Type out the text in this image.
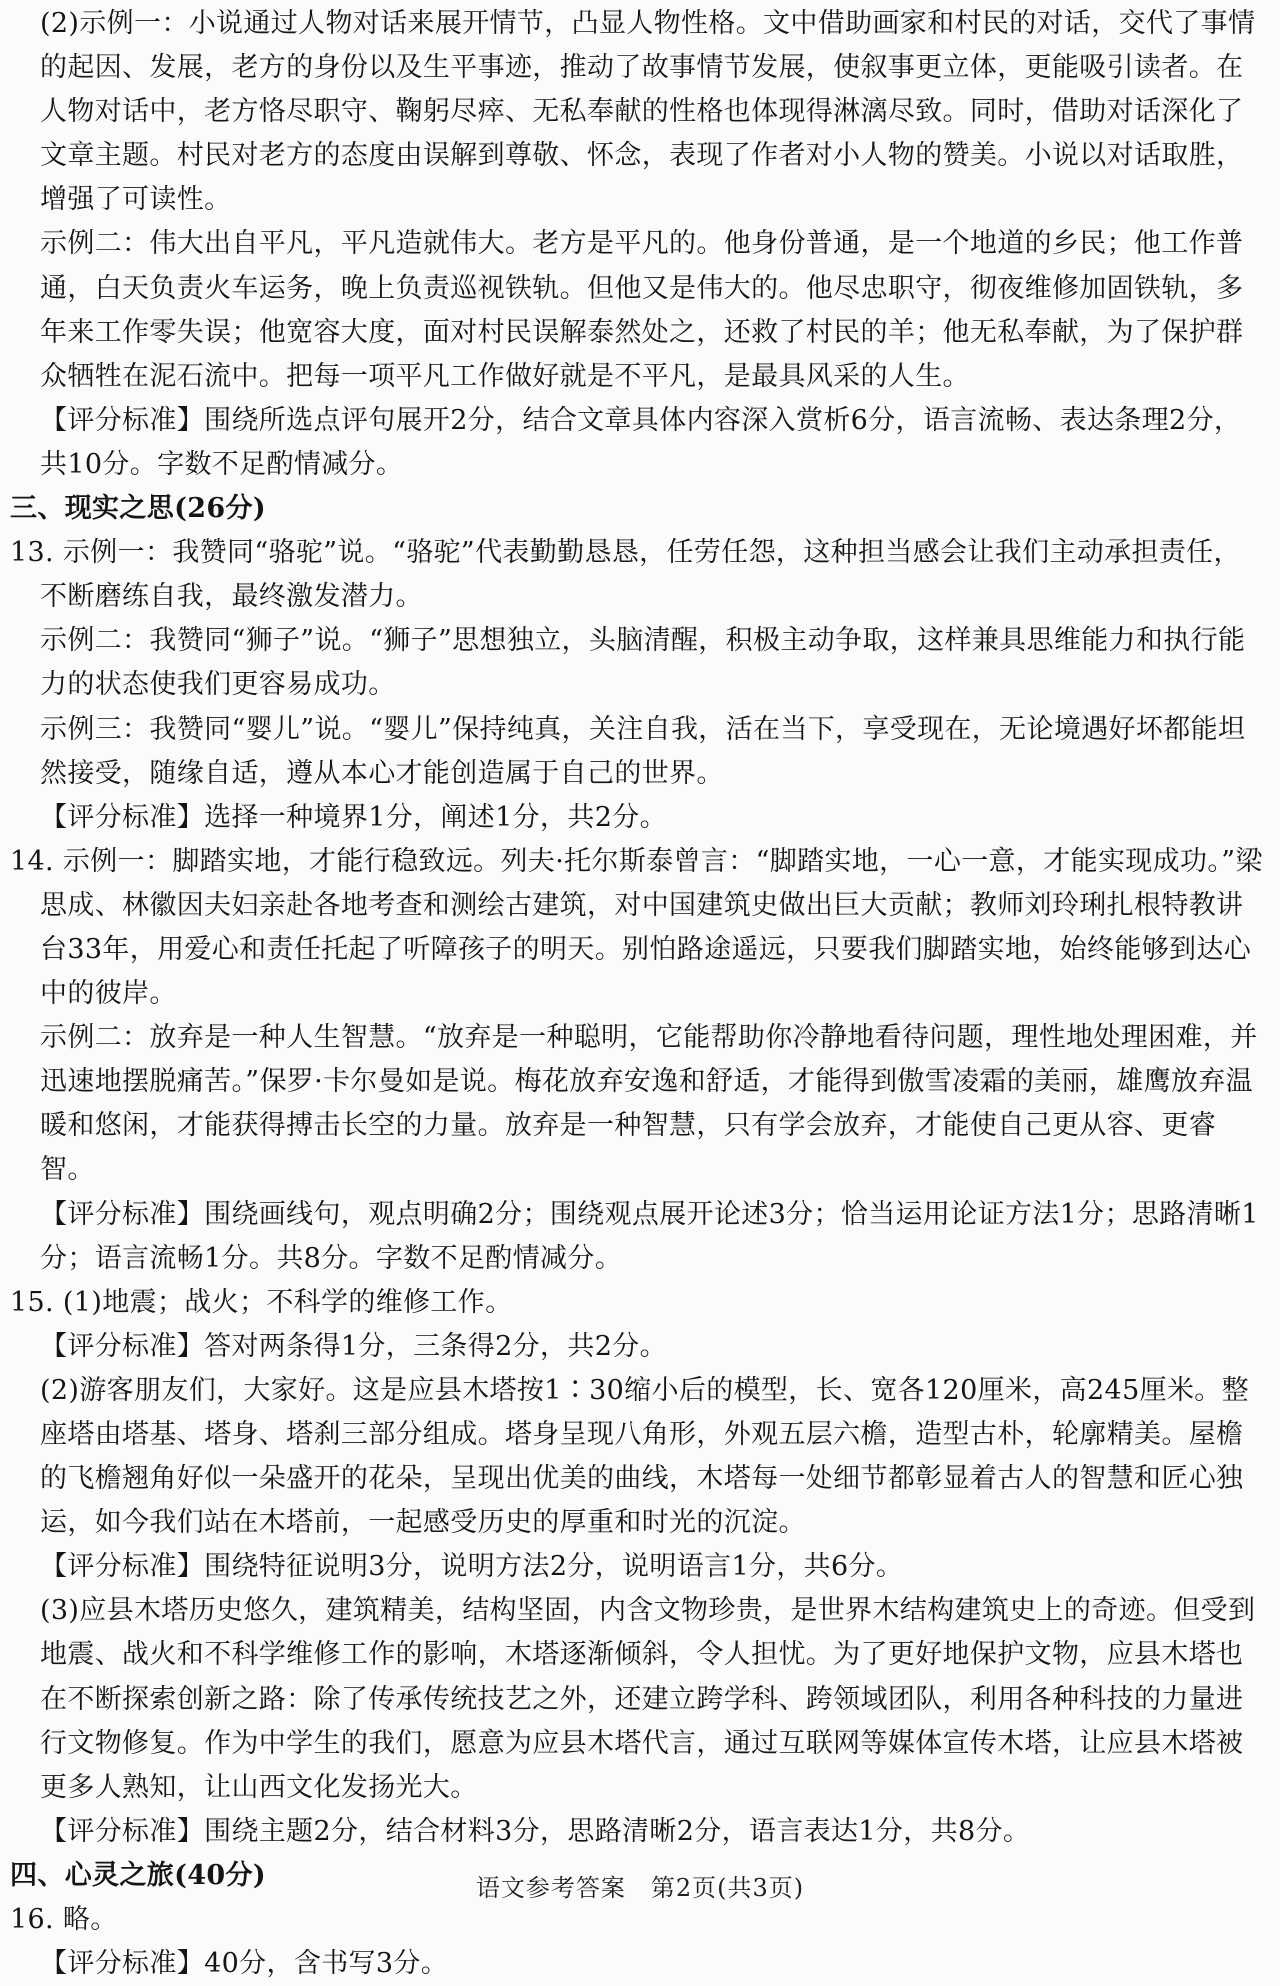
(2)示例一：小说通过人物对话来展开情节，凸显人物性格。文中借助画家和村民的对话，交代了事情的起因、发展，老方的身份以及生平事迹，推动了故事情节发展，使叙事更立体，更能吸引读者。在人物对话中，老方恪尽职守、鞠躬尽瘁、无私奉献的性格也体现得淋漓尽致。同时，借助对话深化了文章主题。村民对老方的态度由误解到尊敬、怀念，表现了作者对小人物的赞美。小说以对话取胜，增强了可读性。

示例二：伟大出自平凡，平凡造就伟大。老方是平凡的。他身份普通，是一个地道的乡民；他工作普通，白天负责火车运务，晚上负责巡视铁轨。但他又是伟大的。他尽忠职守，彻夜维修加固铁轨，多年来工作零失误；他宽容大度，面对村民误解泰然处之，还救了村民的羊；他无私奉献，为了保护群众牺牲在泥石流中。把每一项平凡工作做好就是不平凡，是最具风采的人生。

【评分标准】围绕所选点评句展开2分，结合文章具体内容深入赏析6分，语言流畅、表达条理2分，共10分。字数不足酌情减分。

三、现实之思(26分)

13. 示例一：我赞同“骆驼”说。“骆驼”代表勤勤恳恳，任劳任怨，这种担当感会让我们主动承担责任，不断磨练自我，最终激发潜力。

示例二：我赞同“狮子”说。“狮子”思想独立，头脑清醒，积极主动争取，这样兼具思维能力和执行能力的状态使我们更容易成功。

示例三：我赞同“婴儿”说。“婴儿”保持纯真，关注自我，活在当下，享受现在，无论境遇好坏都能坦然接受，随缘自适，遵从本心才能创造属于自己的世界。

【评分标准】选择一种境界1分，阐述1分，共2分。

14. 示例一：脚踏实地，才能行稳致远。列夫·托尔斯泰曾言：“脚踏实地，一心一意，才能实现成功。”梁思成、林徽因夫妇亲赴各地考查和测绘古建筑，对中国建筑史做出巨大贡献；教师刘玲琍扎根特教讲台33年，用爱心和责任托起了听障孩子的明天。别怕路途遥远，只要我们脚踏实地，始终能够到达心中的彼岸。

示例二：放弃是一种人生智慧。“放弃是一种聪明，它能帮助你冷静地看待问题，理性地处理困难，并迅速地摆脱痛苦。”保罗·卡尔曼如是说。梅花放弃安逸和舒适，才能得到傲雪凌霜的美丽，雄鹰放弃温暖和悠闲，才能获得搏击长空的力量。放弃是一种智慧，只有学会放弃，才能使自己更从容、更睿智。

【评分标准】围绕画线句，观点明确2分；围绕观点展开论述3分；恰当运用论证方法1分；思路清晰1分；语言流畅1分。共8分。字数不足酌情减分。

15. (1)地震；战火；不科学的维修工作。

【评分标准】答对两条得1分，三条得2分，共2分。

(2)游客朋友们，大家好。这是应县木塔按1∶30缩小后的模型，长、宽各120厘米，高245厘米。整座塔由塔基、塔身、塔刹三部分组成。塔身呈现八角形，外观五层六檐，造型古朴，轮廓精美。屋檐的飞檐翘角好似一朵盛开的花朵，呈现出优美的曲线，木塔每一处细节都彰显着古人的智慧和匠心独运，如今我们站在木塔前，一起感受历史的厚重和时光的沉淀。

【评分标准】围绕特征说明3分，说明方法2分，说明语言1分，共6分。

(3)应县木塔历史悠久，建筑精美，结构坚固，内含文物珍贵，是世界木结构建筑史上的奇迹。但受到地震、战火和不科学维修工作的影响，木塔逐渐倾斜，令人担忧。为了更好地保护文物，应县木塔也在不断探索创新之路：除了传承传统技艺之外，还建立跨学科、跨领域团队，利用各种科技的力量进行文物修复。作为中学生的我们，愿意为应县木塔代言，通过互联网等媒体宣传木塔，让应县木塔被更多人熟知，让山西文化发扬光大。

【评分标准】围绕主题2分，结合材料3分，思路清晰2分，语言表达1分，共8分。

四、心灵之旅(40分)

16. 略。

【评分标准】40分，含书写3分。

语文参考答案　第2页(共3页)
